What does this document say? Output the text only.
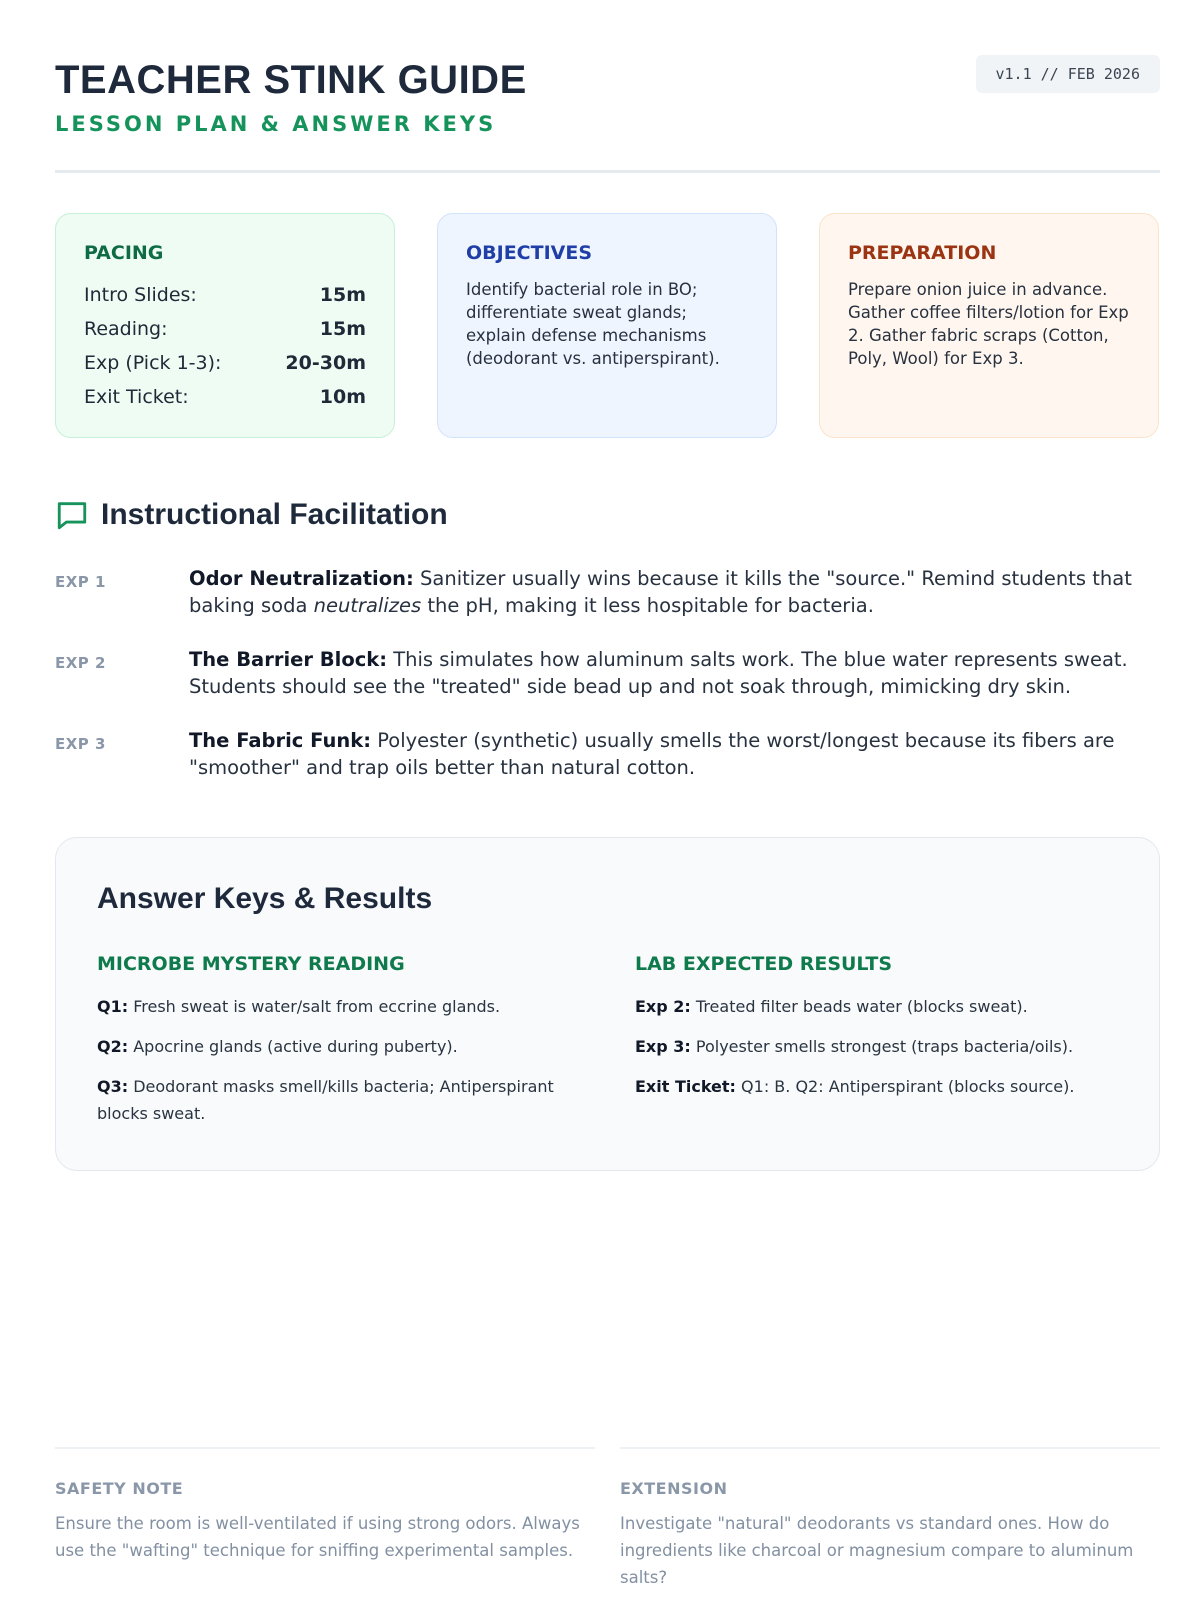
TEACHER STINK GUIDE
LESSON PLAN & ANSWER KEYS
v1.1 // FEB 2026
PACING
Intro Slides:	15m
Reading:	15m
Exp (Pick 1-3):	20-30m
Exit Ticket:	10m
OBJECTIVES
Identify bacterial role in BO; differentiate sweat glands; explain defense mechanisms (deodorant vs. antiperspirant).
PREPARATION
Prepare onion juice in advance. Gather coffee filters/lotion for Exp 2. Gather fabric scraps (Cotton, Poly, Wool) for Exp 3.
Instructional Facilitation
EXP 1	Odor Neutralization: Sanitizer usually wins because it kills the "source." Remind students that baking soda neutralizes the pH, making it less hospitable for bacteria.
EXP 2	The Barrier Block: This simulates how aluminum salts work. The blue water represents sweat. Students should see the "treated" side bead up and not soak through, mimicking dry skin.
EXP 3	The Fabric Funk: Polyester (synthetic) usually smells the worst/longest because its fibers are "smoother" and trap oils better than natural cotton.
Answer Keys & Results
MICROBE MYSTERY READING
Q1: Fresh sweat is water/salt from eccrine glands.
Q2: Apocrine glands (active during puberty).
Q3: Deodorant masks smell/kills bacteria; Antiperspirant blocks sweat.
LAB EXPECTED RESULTS
Exp 2: Treated filter beads water (blocks sweat).
Exp 3: Polyester smells strongest (traps bacteria/oils).
Exit Ticket: Q1: B. Q2: Antiperspirant (blocks source).
SAFETY NOTE
Ensure the room is well-ventilated if using strong odors. Always use the "wafting" technique for sniffing experimental samples.
EXTENSION
Investigate "natural" deodorants vs standard ones. How do ingredients like charcoal or magnesium compare to aluminum salts?
